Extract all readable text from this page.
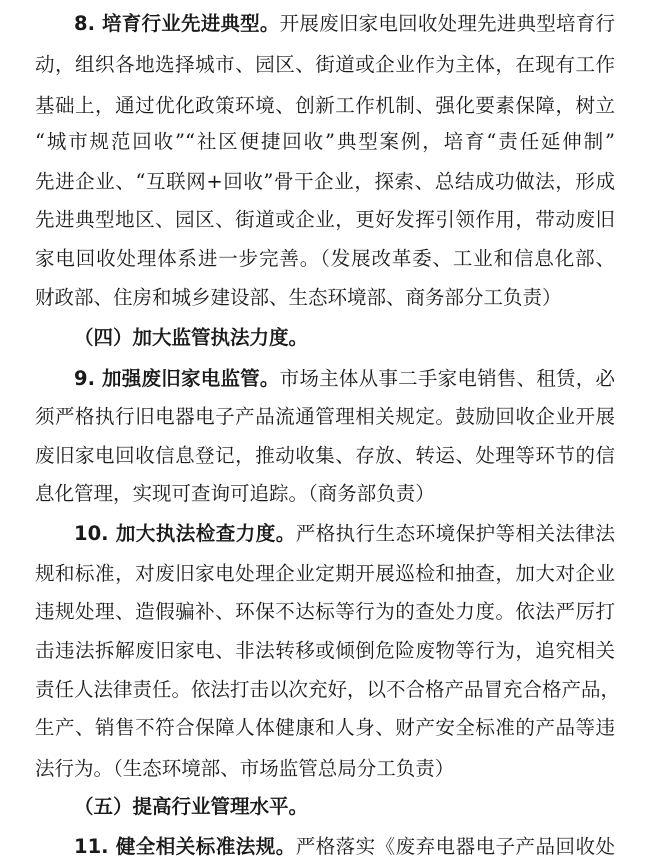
8. 培育行业先进典型。开展废旧家电回收处理先进典型培育行
动，组织各地选择城市、园区、街道或企业作为主体，在现有工作
基础上，通过优化政策环境、创新工作机制、强化要素保障，树立
“城市规范回收”“社区便捷回收”典型案例，培育“责任延伸制”
先进企业、“互联网+回收”骨干企业，探索、总结成功做法，形成
先进典型地区、园区、街道或企业，更好发挥引领作用，带动废旧
家电回收处理体系进一步完善。（发展改革委、工业和信息化部、
财政部、住房和城乡建设部、生态环境部、商务部分工负责）
（四）加大监管执法力度。
9. 加强废旧家电监管。市场主体从事二手家电销售、租赁，必
须严格执行旧电器电子产品流通管理相关规定。鼓励回收企业开展
废旧家电回收信息登记，推动收集、存放、转运、处理等环节的信
息化管理，实现可查询可追踪。（商务部负责）
10. 加大执法检查力度。严格执行生态环境保护等相关法律法
规和标准，对废旧家电处理企业定期开展巡检和抽查，加大对企业
违规处理、造假骗补、环保不达标等行为的查处力度。依法严厉打
击违法拆解废旧家电、非法转移或倾倒危险废物等行为，追究相关
责任人法律责任。依法打击以次充好，以不合格产品冒充合格产品，
生产、销售不符合保障人体健康和人身、财产安全标准的产品等违
法行为。（生态环境部、市场监管总局分工负责）
（五）提高行业管理水平。
11. 健全相关标准法规。严格落实《废弃电器电子产品回收处
